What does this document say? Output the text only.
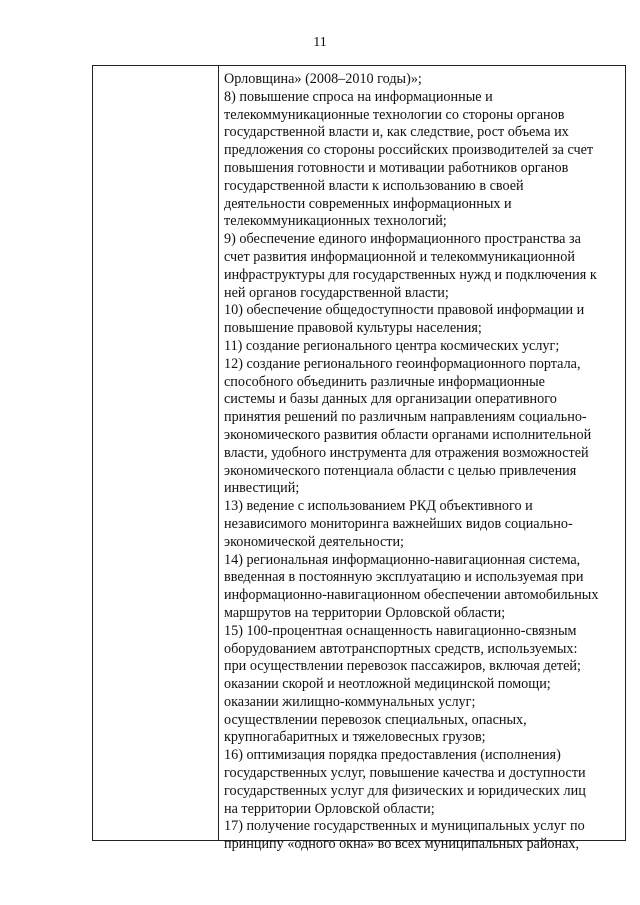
11
Орловщина» (2008–2010 годы)»;
8) повышение спроса на информационные и
телекоммуникационные технологии со стороны органов
государственной власти и, как следствие, рост объема их
предложения со стороны российских производителей за счет
повышения готовности и мотивации работников органов
государственной власти к использованию в своей
деятельности современных информационных и
телекоммуникационных технологий;
9) обеспечение единого информационного пространства за
счет развития информационной и телекоммуникационной
инфраструктуры для государственных нужд и подключения к
ней органов государственной власти;
10) обеспечение общедоступности правовой информации и
повышение правовой культуры населения;
11) создание регионального центра космических услуг;
12) создание регионального геоинформационного портала,
способного объединить различные информационные
системы и базы данных для организации оперативного
принятия решений по различным направлениям социально-
экономического развития области органами исполнительной
власти, удобного инструмента для отражения возможностей
экономического потенциала области с целью привлечения
инвестиций;
13) ведение с использованием РКД объективного и
независимого мониторинга важнейших видов социально-
экономической деятельности;
14) региональная информационно-навигационная система,
введенная в постоянную эксплуатацию и используемая при
информационно-навигационном обеспечении автомобильных
маршрутов на территории Орловской области;
15) 100-процентная оснащенность навигационно-связным
оборудованием автотранспортных средств, используемых:
при осуществлении перевозок пассажиров, включая детей;
оказании скорой и неотложной медицинской помощи;
оказании жилищно-коммунальных услуг;
осуществлении перевозок специальных, опасных,
крупногабаритных и тяжеловесных грузов;
16) оптимизация порядка предоставления (исполнения)
государственных услуг, повышение качества и доступности
государственных услуг для физических и юридических лиц
на территории Орловской области;
17) получение государственных и муниципальных услуг по
принципу «одного окна» во всех муниципальных районах,
